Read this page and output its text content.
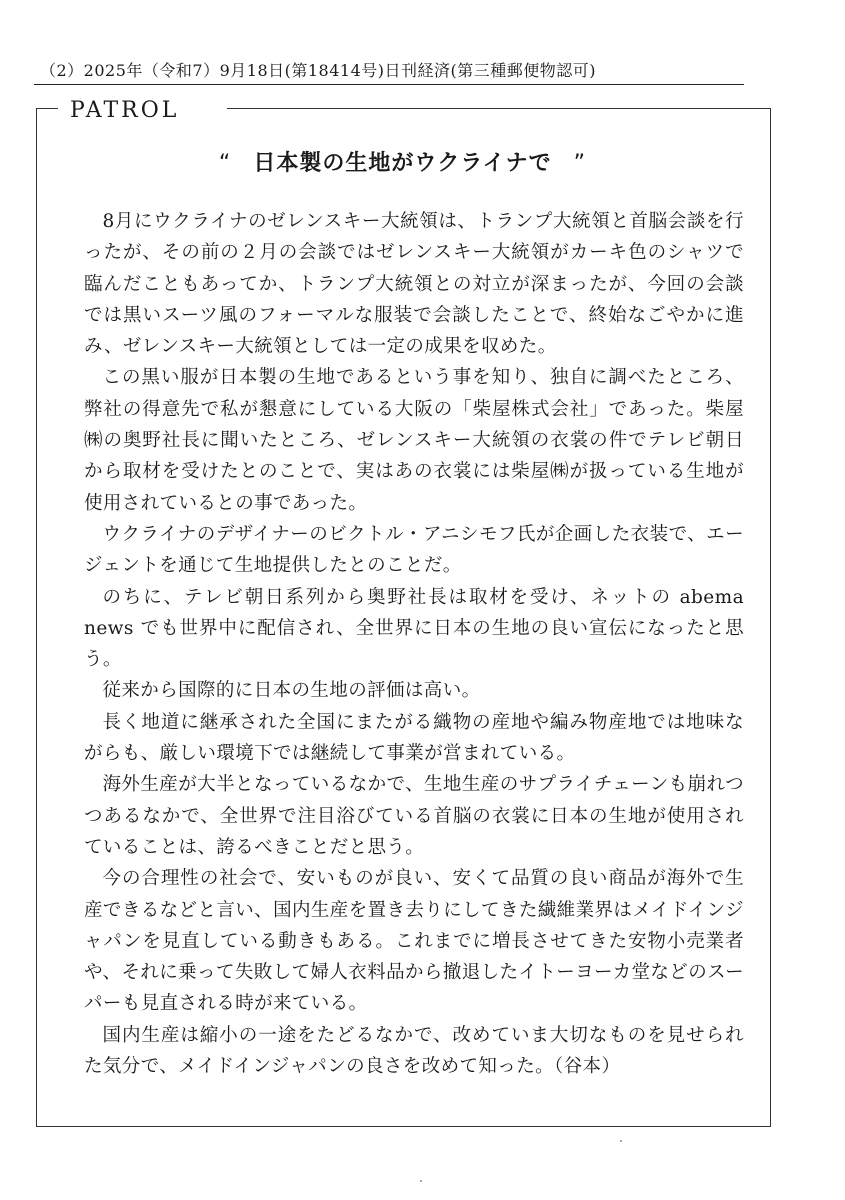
（2）2025年（令和7）9月18日(第18414号)日刊経済(第三種郵便物認可)
PATROL
“ 日本製の生地がウクライナで ”

8月にウクライナのゼレンスキー大統領は、トランプ大統領と首脳会談を行ったが、その前の２月の会談ではゼレンスキー大統領がカーキ色のシャツで臨んだこともあってか、トランプ大統領との対立が深まったが、今回の会談では黒いスーツ風のフォーマルな服装で会談したことで、終始なごやかに進み、ゼレンスキー大統領としては一定の成果を収めた。

この黒い服が日本製の生地であるという事を知り、独自に調べたところ、弊社の得意先で私が懇意にしている大阪の「柴屋株式会社」であった。柴屋㈱の奥野社長に聞いたところ、ゼレンスキー大統領の衣裳の件でテレビ朝日から取材を受けたとのことで、実はあの衣裳には柴屋㈱が扱っている生地が使用されているとの事であった。

ウクライナのデザイナーのビクトル・アニシモフ氏が企画した衣装で、エージェントを通じて生地提供したとのことだ。

のちに、テレビ朝日系列から奥野社長は取材を受け、ネットの abema news でも世界中に配信され、全世界に日本の生地の良い宣伝になったと思う。

従来から国際的に日本の生地の評価は高い。

長く地道に継承された全国にまたがる織物の産地や編み物産地では地味ながらも、厳しい環境下では継続して事業が営まれている。

海外生産が大半となっているなかで、生地生産のサプライチェーンも崩れつつあるなかで、全世界で注目浴びている首脳の衣裳に日本の生地が使用されていることは、誇るべきことだと思う。

今の合理性の社会で、安いものが良い、安くて品質の良い商品が海外で生産できるなどと言い、国内生産を置き去りにしてきた繊維業界はメイドインジャパンを見直している動きもある。これまでに増長させてきた安物小売業者や、それに乗って失敗して婦人衣料品から撤退したイトーヨーカ堂などのスーパーも見直される時が来ている。

国内生産は縮小の一途をたどるなかで、改めていま大切なものを見せられた気分で、メイドインジャパンの良さを改めて知った。（谷本）
